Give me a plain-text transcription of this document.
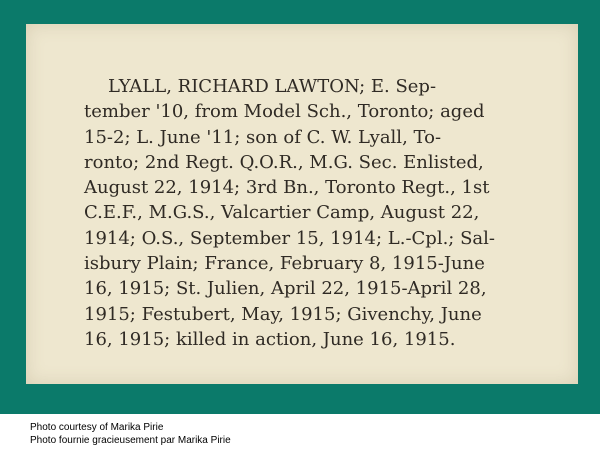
LYALL, RICHARD LAWTON; E. Sep-
tember '10, from Model Sch., Toronto; aged
15-2; L. June '11; son of C. W. Lyall, To-
ronto; 2nd Regt. Q.O.R., M.G. Sec. Enlisted,
August 22, 1914; 3rd Bn., Toronto Regt., 1st
C.E.F., M.G.S., Valcartier Camp, August 22,
1914; O.S., September 15, 1914; L.-Cpl.; Sal-
isbury Plain; France, February 8, 1915-June
16, 1915; St. Julien, April 22, 1915-April 28,
1915; Festubert, May, 1915; Givenchy, June
16, 1915; killed in action, June 16, 1915.

Photo courtesy of Marika Pirie
Photo fournie gracieusement par Marika Pirie
